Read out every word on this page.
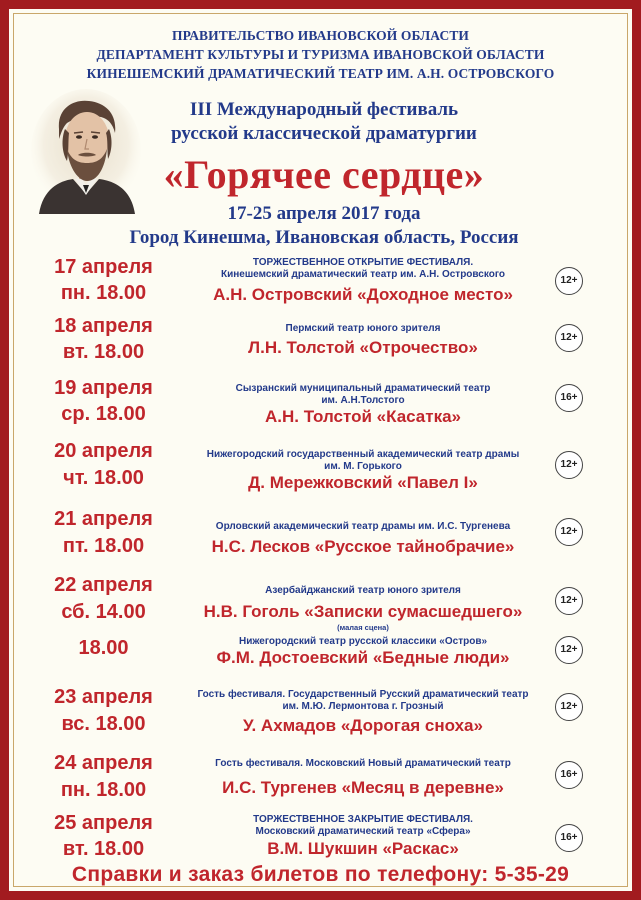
ПРАВИТЕЛЬСТВО ИВАНОВСКОЙ ОБЛАСТИ
ДЕПАРТАМЕНТ КУЛЬТУРЫ И ТУРИЗМА ИВАНОВСКОЙ ОБЛАСТИ
КИНЕШЕМСКИЙ ДРАМАТИЧЕСКИЙ ТЕАТР ИМ. А.Н. ОСТРОВСКОГО
III Международный фестиваль
русской классической драматургии
«Горячее сердце»
17-25 апреля 2017 года
Город Кинешма, Ивановская область, Россия
17 апреля
пн. 18.00
ТОРЖЕСТВЕННОЕ ОТКРЫТИЕ ФЕСТИВАЛЯ.
Кинешемский драматический театр им. А.Н. Островского
А.Н. Островский «Доходное место»
12+
18 апреля
вт. 18.00
Пермский театр юного зрителя
Л.Н. Толстой «Отрочество»
12+
19 апреля
ср. 18.00
Сызранский муниципальный драматический театр
им. А.Н.Толстого
А.Н. Толстой «Касатка»
16+
20 апреля
чт. 18.00
Нижегородский государственный академический театр драмы
им. М. Горького
Д. Мережковский «Павел I»
12+
21 апреля
пт. 18.00
Орловский академический театр драмы им. И.С. Тургенева
Н.С. Лесков «Русское тайнобрачие»
12+
22 апреля
сб. 14.00
Азербайджанский театр юного зрителя
Н.В. Гоголь «Записки сумасшедшего»
(малая сцена)
12+
18.00	Нижегородский театр русской классики «Остров»
Ф.М. Достоевский «Бедные люди»	12+
23 апреля
вс. 18.00
Гость фестиваля. Государственный Русский драматический театр
им. М.Ю. Лермонтова г. Грозный
У. Ахмадов «Дорогая сноха»
12+
24 апреля
пн. 18.00
Гость фестиваля. Московский Новый драматический театр
И.С. Тургенев «Месяц в деревне»
16+
25 апреля
вт. 18.00
ТОРЖЕСТВЕННОЕ ЗАКРЫТИЕ ФЕСТИВАЛЯ.
Московский драматический театр «Сфера»
В.М. Шукшин «Раскас»
16+
Справки и заказ билетов по телефону: 5-35-29
